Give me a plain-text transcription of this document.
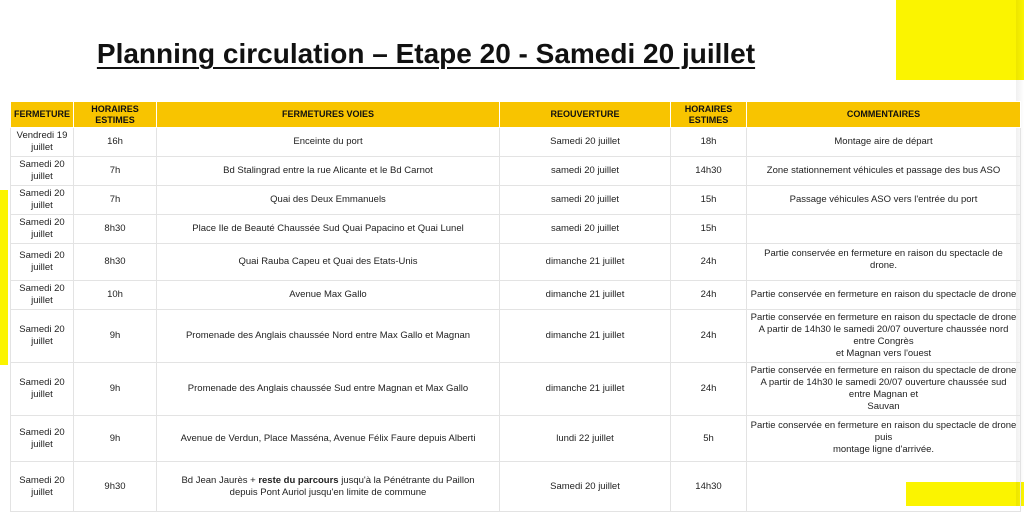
Planning circulation – Etape 20 - Samedi 20 juillet
FERMETURE	HORAIRES ESTIMES	FERMETURES VOIES	REOUVERTURE	HORAIRES ESTIMES	COMMENTAIRES
Vendredi 19 juillet	16h	Enceinte du port	Samedi 20 juillet	18h	Montage aire de départ

Samedi 20 juillet	7h	Bd Stalingrad entre la rue Alicante et le Bd Carnot	samedi 20 juillet	14h30	Zone stationnement véhicules et passage des bus ASO

Samedi 20 juillet	7h	Quai des Deux Emmanuels	samedi 20 juillet	15h	Passage véhicules ASO vers l'entrée du port

Samedi 20 juillet	8h30	Place Ile de Beauté Chaussée Sud Quai Papacino et Quai Lunel	samedi 20 juillet	15h	
Samedi 20 juillet	8h30	Quai Rauba Capeu et Quai des Etats-Unis	dimanche 21 juillet	24h	Partie conservée en fermeture en raison du spectacle de drone.

Samedi 20 juillet	10h	Avenue Max Gallo	dimanche 21 juillet	24h	Partie conservée en fermeture en raison du spectacle de drone

Samedi 20 juillet	9h	Promenade des Anglais chaussée Nord entre Max Gallo et Magnan	dimanche 21 juillet	24h	Partie conservée en fermeture en raison du spectacle de drone
A partir de 14h30 le samedi 20/07 ouverture chaussée nord entre Congrès
et Magnan vers l'ouest

Samedi 20 juillet	9h	Promenade des Anglais chaussée Sud entre Magnan et Max Gallo	dimanche 21 juillet	24h	Partie conservée en fermeture en raison du spectacle de drone
A partir de 14h30 le samedi 20/07 ouverture chaussée sud entre Magnan et
Sauvan

Samedi 20 juillet	9h	Avenue de Verdun, Place Masséna, Avenue Félix Faure depuis Alberti	lundi 22 juillet	5h	Partie conservée en fermeture en raison du spectacle de drone puis
montage ligne d'arrivée.

Samedi 20 juillet	9h30	Bd Jean Jaurès + reste du parcours jusqu'à la Pénétrante du Paillon
depuis Pont Auriol jusqu'en limite de commune	Samedi 20 juillet	14h30	
